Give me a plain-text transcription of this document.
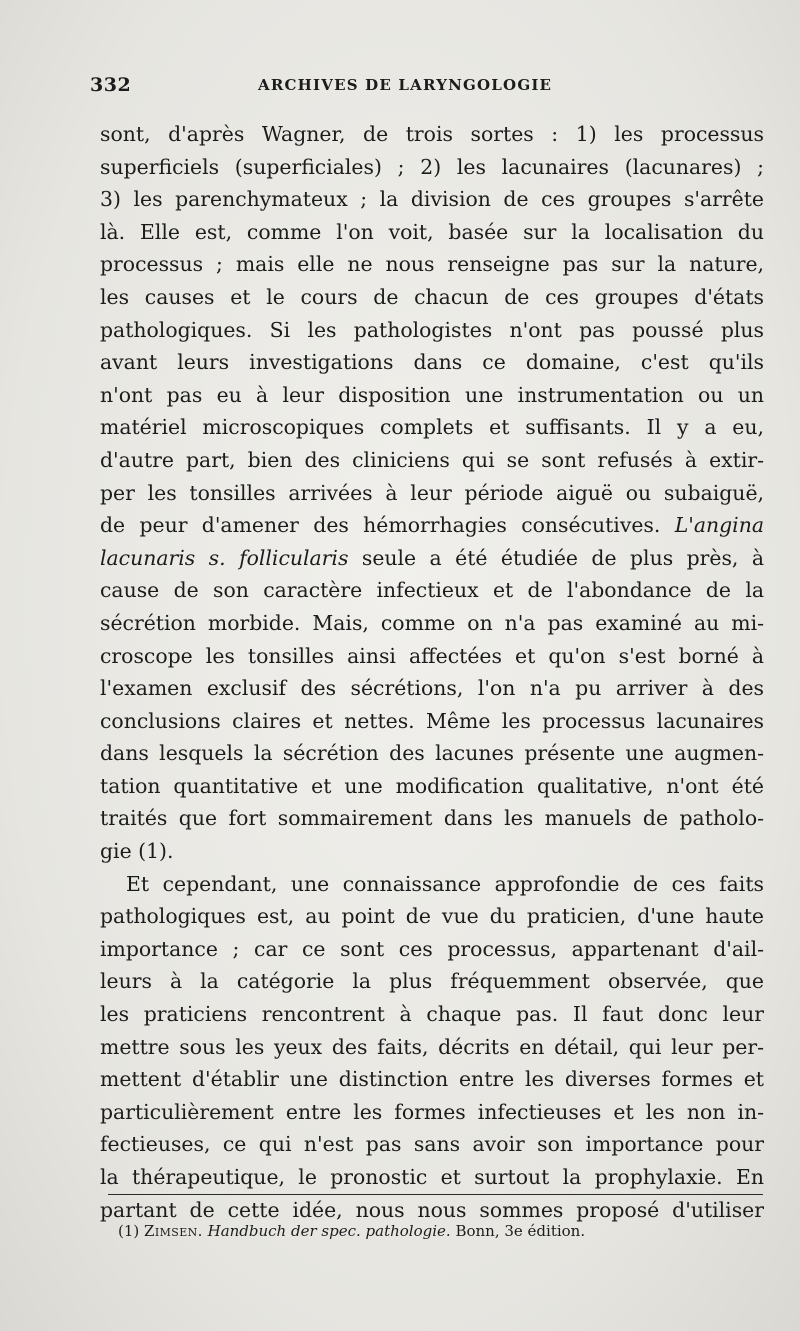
332	ARCHIVES DE LARYNGOLOGIE
sont, d'après Wagner, de trois sortes : 1) les processus
superficiels (superficiales) ; 2) les lacunaires (lacunares) ;
3) les parenchymateux ; la division de ces groupes s'arrête
là. Elle est, comme l'on voit, basée sur la localisation du
processus ; mais elle ne nous renseigne pas sur la nature,
les causes et le cours de chacun de ces groupes d'états
pathologiques. Si les pathologistes n'ont pas poussé plus
avant leurs investigations dans ce domaine, c'est qu'ils
n'ont pas eu à leur disposition une instrumentation ou un
matériel microscopiques complets et suffisants. Il y a eu,
d'autre part, bien des cliniciens qui se sont refusés à extir-
per les tonsilles arrivées à leur période aiguë ou subaiguë,
de peur d'amener des hémorrhagies consécutives. L'angina
lacunaris s. follicularis seule a été étudiée de plus près, à
cause de son caractère infectieux et de l'abondance de la
sécrétion morbide. Mais, comme on n'a pas examiné au mi-
croscope les tonsilles ainsi affectées et qu'on s'est borné à
l'examen exclusif des sécrétions, l'on n'a pu arriver à des
conclusions claires et nettes. Même les processus lacunaires
dans lesquels la sécrétion des lacunes présente une augmen-
tation quantitative et une modification qualitative, n'ont été
traités que fort sommairement dans les manuels de patholo-
gie (1).
Et cependant, une connaissance approfondie de ces faits
pathologiques est, au point de vue du praticien, d'une haute
importance ; car ce sont ces processus, appartenant d'ail-
leurs à la catégorie la plus fréquemment observée, que
les praticiens rencontrent à chaque pas. Il faut donc leur
mettre sous les yeux des faits, décrits en détail, qui leur per-
mettent d'établir une distinction entre les diverses formes et
particulièrement entre les formes infectieuses et les non in-
fectieuses, ce qui n'est pas sans avoir son importance pour
la thérapeutique, le pronostic et surtout la prophylaxie. En
partant de cette idée, nous nous sommes proposé d'utiliser
(1) Zimsen. Handbuch der spec. pathologie. Bonn, 3e édition.
